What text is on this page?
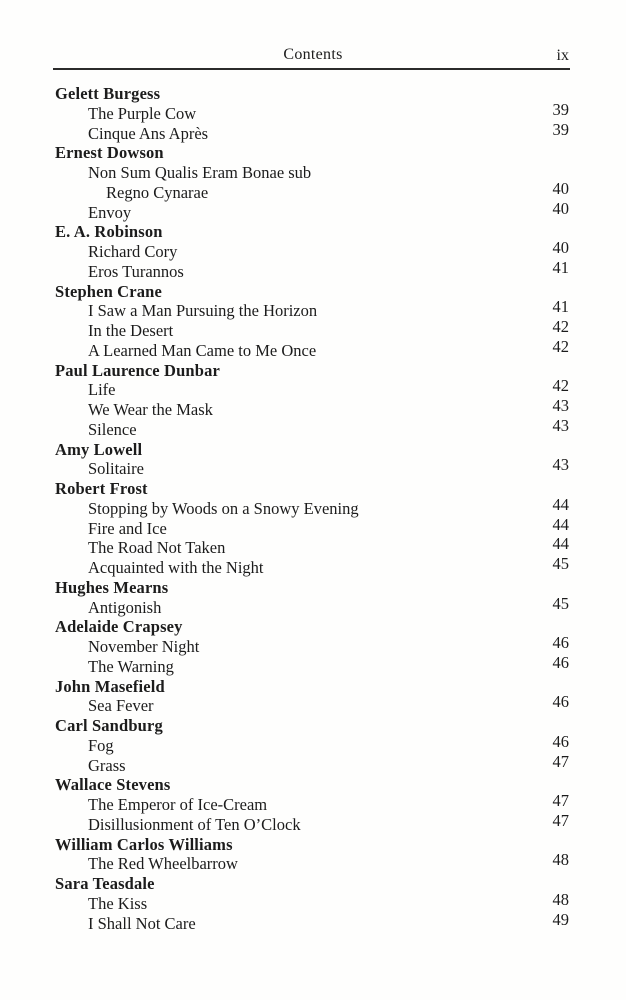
Contents	ix
Gelett Burgess
The Purple Cow	39
Cinque Ans Après	39
Ernest Dowson
Non Sum Qualis Eram Bonae sub
Regno Cynarae	40
Envoy	40
E. A. Robinson
Richard Cory	40
Eros Turannos	41
Stephen Crane
I Saw a Man Pursuing the Horizon	41
In the Desert	42
A Learned Man Came to Me Once	42
Paul Laurence Dunbar
Life	42
We Wear the Mask	43
Silence	43
Amy Lowell
Solitaire	43
Robert Frost
Stopping by Woods on a Snowy Evening	44
Fire and Ice	44
The Road Not Taken	44
Acquainted with the Night	45
Hughes Mearns
Antigonish	45
Adelaide Crapsey
November Night	46
The Warning	46
John Masefield
Sea Fever	46
Carl Sandburg
Fog	46
Grass	47
Wallace Stevens
The Emperor of Ice-Cream	47
Disillusionment of Ten O’Clock	47
William Carlos Williams
The Red Wheelbarrow	48
Sara Teasdale
The Kiss	48
I Shall Not Care	49
